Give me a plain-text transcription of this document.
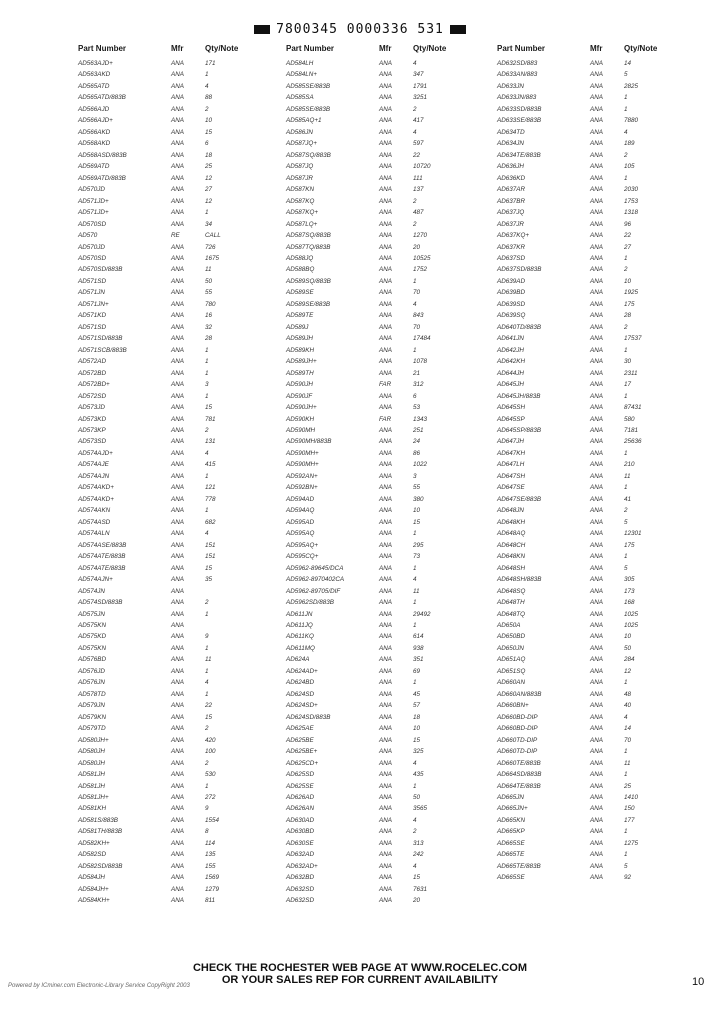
7800345 0000336 531
Part Number	Mfr	Qty/Note
AD563AJD+	ANA	171
AD563AKD	ANA	1
AD565ATD	ANA	4
AD565ATD/883B	ANA	88
AD566AJD	ANA	2
AD566AJD+	ANA	10
AD566AKD	ANA	15
AD568AKD	ANA	6
AD568ASD/883B	ANA	18
AD569ATD	ANA	25
AD569ATD/883B	ANA	12
AD570JD	ANA	27
AD571JD+	ANA	12
AD571JD+	ANA	1
AD570SD	ANA	34
AD570	RE	CALL
AD570JD	ANA	726
AD570SD	ANA	1675
AD570SD/883B	ANA	11
AD571SD	ANA	50
AD571JN	ANA	55
AD571JN+	ANA	780
AD571KD	ANA	16
AD571SD	ANA	32
AD571SD/883B	ANA	28
AD571SCB/883B	ANA	1
AD572AD	ANA	1
AD572BD	ANA	1
AD572BD+	ANA	3
AD572SD	ANA	1
AD573JD	ANA	15
AD573KD	ANA	781
AD573KP	ANA	2
AD573SD	ANA	131
AD574AJD+	ANA	4
AD574AJE	ANA	415
AD574AJN	ANA	1
AD574AKD+	ANA	121
AD574AKD+	ANA	778
AD574AKN	ANA	1
AD574ASD	ANA	682
AD574ALN	ANA	4
AD574ASE/883B	ANA	151
AD574ATE/883B	ANA	151
AD574ATE/883B	ANA	15
AD574AJN+	ANA	35
AD574JN	ANA
AD574SD/883B	ANA	2
AD575JN	ANA	1
AD575KN	ANA
AD575KD	ANA	9
AD575KN	ANA	1
AD576BD	ANA	11
AD576JD	ANA	1
AD576JN	ANA	4
AD578TD	ANA	1
AD579JN	ANA	22
AD579KN	ANA	15
AD579TD	ANA	2
AD580JH+	ANA	420
AD580JH	ANA	100
AD580JH	ANA	2
AD581JH	ANA	530
AD581JH	ANA	1
AD581JH+	ANA	272
AD581KH	ANA	9
AD581S/883B	ANA	1554
AD581TH/883B	ANA	8
AD582KH+	ANA	114
AD582SD	ANA	135
AD582SD/883B	ANA	155
AD584JH	ANA	1569
AD584JH+	ANA	1279
AD584KH+	ANA	811
Part Number	Mfr	Qty/Note
AD584LH	ANA	4
AD584LN+	ANA	347
AD585SE/883B	ANA	1791
AD585SA	ANA	3251
AD585SE/883B	ANA	2
AD585AQ+1	ANA	417
AD586JN	ANA	4
AD587JQ+	ANA	597
AD587SQ/883B	ANA	22
AD587JQ	ANA	10720
AD587JR	ANA	111
AD587KN	ANA	137
AD587KQ	ANA	2
AD587KQ+	ANA	487
AD587LQ+	ANA	2
AD587SQ/883B	ANA	1270
AD587TQ/883B	ANA	20
AD588JQ	ANA	10525
AD588BQ	ANA	1752
AD589SQ/883B	ANA	1
AD589SE	ANA	70
AD589SE/883B	ANA	4
AD589TE	ANA	843
AD589J	ANA	70
AD589JH	ANA	17484
AD589KH	ANA	1
AD589JH+	ANA	1078
AD589TH	ANA	21
AD590JH	FAR	312
AD590JF	ANA	6
AD590JH+	ANA	53
AD590KH	FAR	1343
AD590MH	ANA	251
AD590MH/883B	ANA	24
AD590MH+	ANA	86
AD590MH+	ANA	1022
AD592AN+	ANA	3
AD592BN+	ANA	55
AD594AD	ANA	380
AD594AQ	ANA	10
AD595AD	ANA	15
AD595AQ	ANA	1
AD595AQ+	ANA	295
AD595CQ+	ANA	73
AD5962-89645/DCA	ANA	1
AD5962-8970402CA	ANA	4
AD5962-89705/DIF	ANA	11
AD5962SD/883B	ANA	1
AD611JN	ANA	29492
AD611JQ	ANA	1
AD611KQ	ANA	614
AD611MQ	ANA	938
AD624A	ANA	351
AD624AD+	ANA	69
AD624BD	ANA	1
AD624SD	ANA	45
AD624SD+	ANA	57
AD624SD/883B	ANA	18
AD625AE	ANA	10
AD625BE	ANA	15
AD625BE+	ANA	325
AD625CD+	ANA	4
AD625SD	ANA	435
AD625SE	ANA	1
AD626AD	ANA	50
AD626AN	ANA	3565
AD630AD	ANA	4
AD630BD	ANA	2
AD630SE	ANA	313
AD632AD	ANA	242
AD632AD+	ANA	4
AD632BD	ANA	15
AD632SD	ANA	7631
AD632SD	ANA	20
Part Number	Mfr	Qty/Note
AD632SD/883	ANA	14
AD633AN/883	ANA	5
AD633JN	ANA	2825
AD633JN/883	ANA	1
AD633SD/883B	ANA	1
AD633SE/883B	ANA	7880
AD634TD	ANA	4
AD634JN	ANA	189
AD634TE/883B	ANA	2
AD636JH	ANA	105
AD636KD	ANA	1
AD637AR	ANA	2030
AD637BR	ANA	1753
AD637JQ	ANA	1318
AD637JR	ANA	96
AD637KQ+	ANA	22
AD637KR	ANA	27
AD637SD	ANA	1
AD637SD/883B	ANA	2
AD639AD	ANA	10
AD639BD	ANA	1925
AD639SD	ANA	175
AD639SQ	ANA	28
AD640TD/883B	ANA	2
AD641JN	ANA	17537
AD642JH	ANA	1
AD642KH	ANA	30
AD644JH	ANA	2311
AD645JH	ANA	17
AD645JH/883B	ANA	1
AD645SH	ANA	87431
AD645SP	ANA	580
AD645SP/883B	ANA	7181
AD647JH	ANA	25636
AD647KH	ANA	1
AD647LH	ANA	210
AD647SH	ANA	11
AD647SE	ANA	1
AD647SE/883B	ANA	41
AD648JN	ANA	2
AD648KH	ANA	5
AD648AQ	ANA	12301
AD648CH	ANA	175
AD648KN	ANA	1
AD648SH	ANA	5
AD648SH/883B	ANA	305
AD648SQ	ANA	173
AD648TH	ANA	168
AD648TQ	ANA	1025
AD650A	ANA	1025
AD650BD	ANA	10
AD650JN	ANA	50
AD651AQ	ANA	284
AD651SQ	ANA	12
AD660AN	ANA	1
AD660AN/883B	ANA	48
AD660BN+	ANA	40
AD660BD-DIP	ANA	4
AD660BD-DIP	ANA	14
AD660TD-DIP	ANA	70
AD660TD-DIP	ANA	1
AD660TE/883B	ANA	11
AD664SD/883B	ANA	1
AD664TE/883B	ANA	25
AD665JN	ANA	1410
AD665JN+	ANA	150
AD665KN	ANA	177
AD665KP	ANA	1
AD665SE	ANA	1275
AD665TE	ANA	1
AD665TE/883B	ANA	5
AD665SE	ANA	92
CHECK THE ROCHESTER WEB PAGE AT WWW.ROCELEC.COM
OR YOUR SALES REP FOR CURRENT AVAILABILITY
Powered by ICminer.com Electronic-Library Service CopyRight 2003	10
